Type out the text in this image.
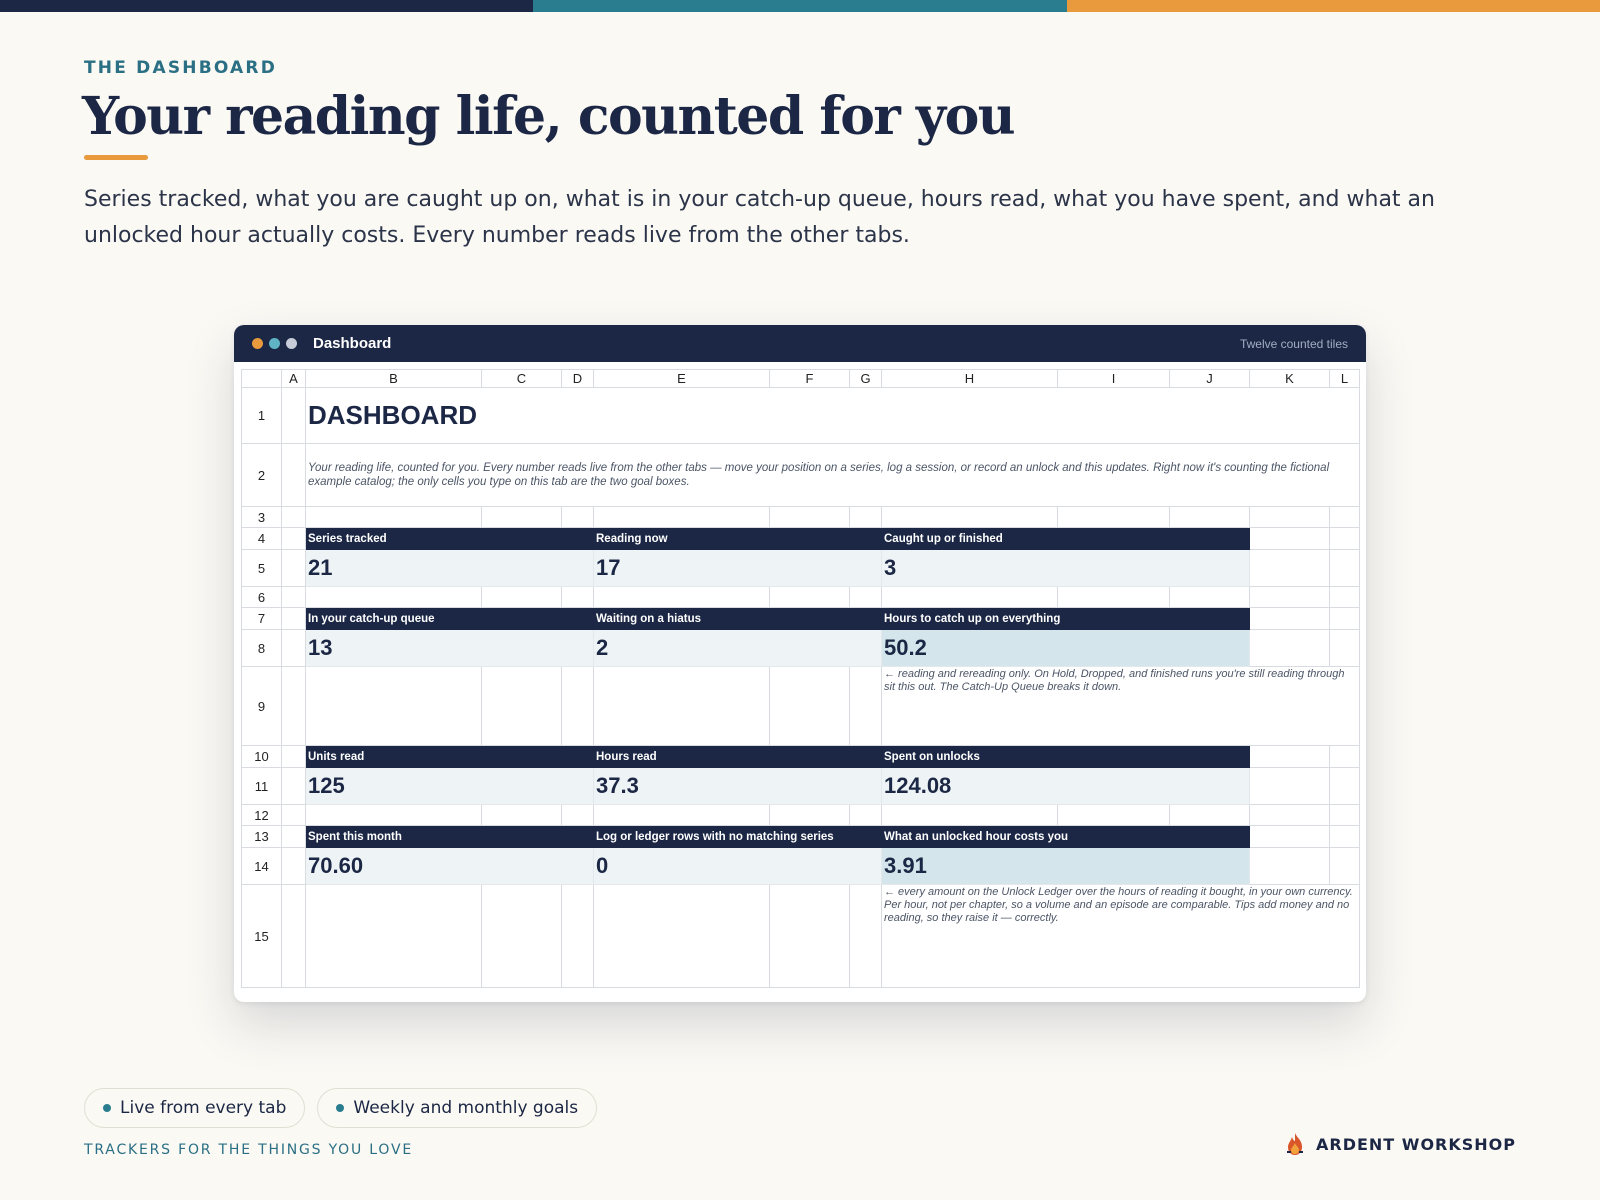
THE DASHBOARD
Your reading life, counted for you

Series tracked, what you are caught up on, what is in your catch-up queue, hours read, what you have spent, and what an unlocked hour actually costs. Every number reads live from the other tabs.

Dashboard	Twelve counted tiles
	A	B	C	D	E	F	G	H	I	J	K	L
1		DASHBOARD										
2		Your reading life, counted for you. Every number reads live from the other tabs — move your position on a series, log a session, or record an unlock and this updates. Right now it's counting the fictional example catalog; the only cells you type on this tab are the two goal boxes.										
3												
4		Series tracked			Reading now			Caught up or finished				
5		21			17			3				
6												
7		In your catch-up queue			Waiting on a hiatus			Hours to catch up on everything				
8		13			2			50.2				
9								← reading and rereading only. On Hold, Dropped, and finished runs you're still reading through sit this out. The Catch-Up Queue breaks it down.				
10		Units read			Hours read			Spent on unlocks				
11		125			37.3			124.08				
12												
13		Spent this month			Log or ledger rows with no matching series			What an unlocked hour costs you				
14		70.60			0			3.91				
15								← every amount on the Unlock Ledger over the hours of reading it bought, in your own currency. Per hour, not per chapter, so a volume and an episode are comparable. Tips add money and no reading, so they raise it — correctly.				
Live from every tab	Weekly and monthly goals
TRACKERS FOR THE THINGS YOU LOVE	ARDENT WORKSHOP
